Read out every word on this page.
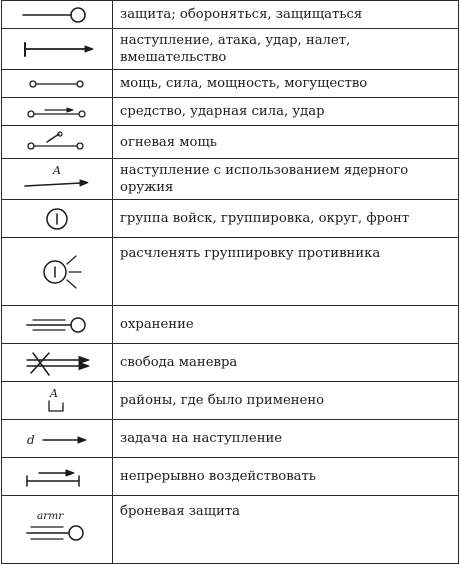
	защита; обороняться, защищаться

	наступление, атака, удар, налет, вмешательство

	мощь, сила, мощность, могущество

	средство, ударная сила, удар

	огневая мощь

A	наступление с использованием ядерного оружия

	группа войск, группировка, округ, фронт

	расчленять группировку противника

	охранение

	свобода маневра

A	районы, где было применено

d	задача на наступление

	непрерывно воздействовать

armr	броневая защита
